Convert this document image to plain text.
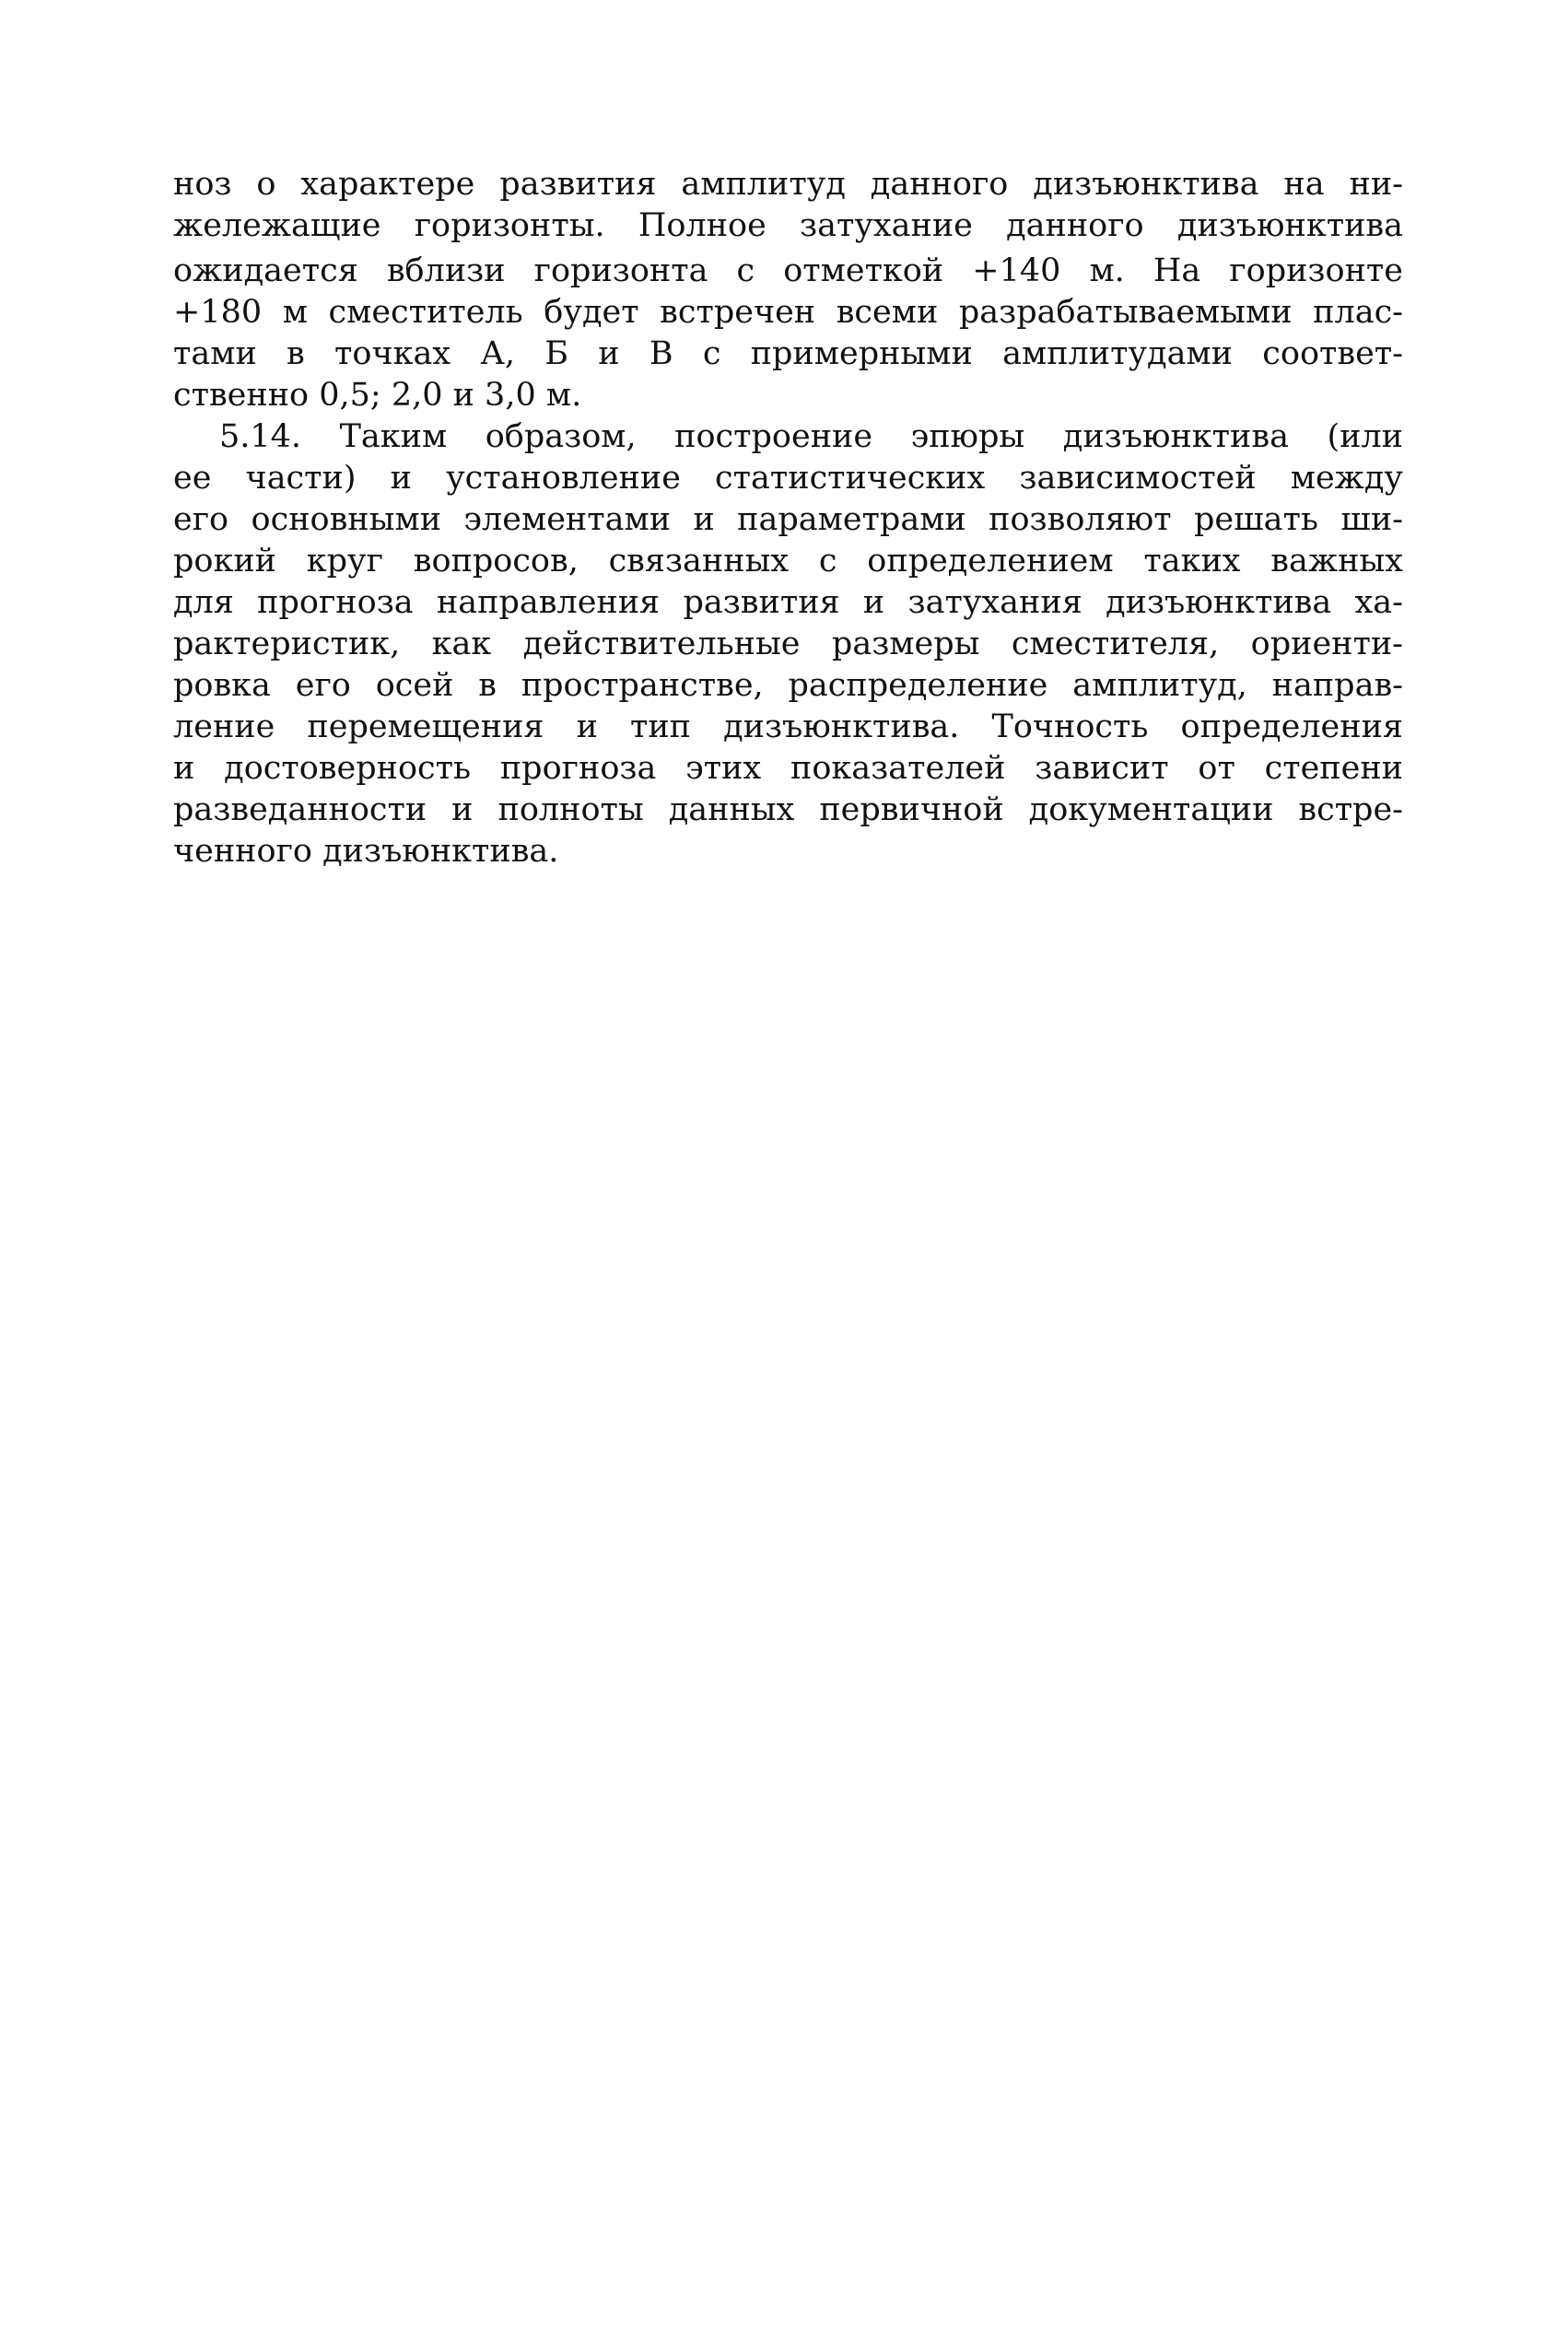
ноз о характере развития амплитуд данного дизъюнктива на ни-
жележащие горизонты. Полное затухание данного дизъюнктива
ожидается вблизи горизонта с отметкой +140 м. На горизонте
+180 м сместитель будет встречен всеми разрабатываемыми плас-
тами в точках А, Б и В с примерными амплитудами соответ-
ственно 0,5; 2,0 и 3,0 м.
5.14. Таким образом, построение эпюры дизъюнктива (или
ее части) и установление статистических зависимостей между
его основными элементами и параметрами позволяют решать ши-
рокий круг вопросов, связанных с определением таких важных
для прогноза направления развития и затухания дизъюнктива ха-
рактеристик, как действительные размеры сместителя, ориенти-
ровка его осей в пространстве, распределение амплитуд, направ-
ление перемещения и тип дизъюнктива. Точность определения
и достоверность прогноза этих показателей зависит от степени
разведанности и полноты данных первичной документации встре-
ченного дизъюнктива.
